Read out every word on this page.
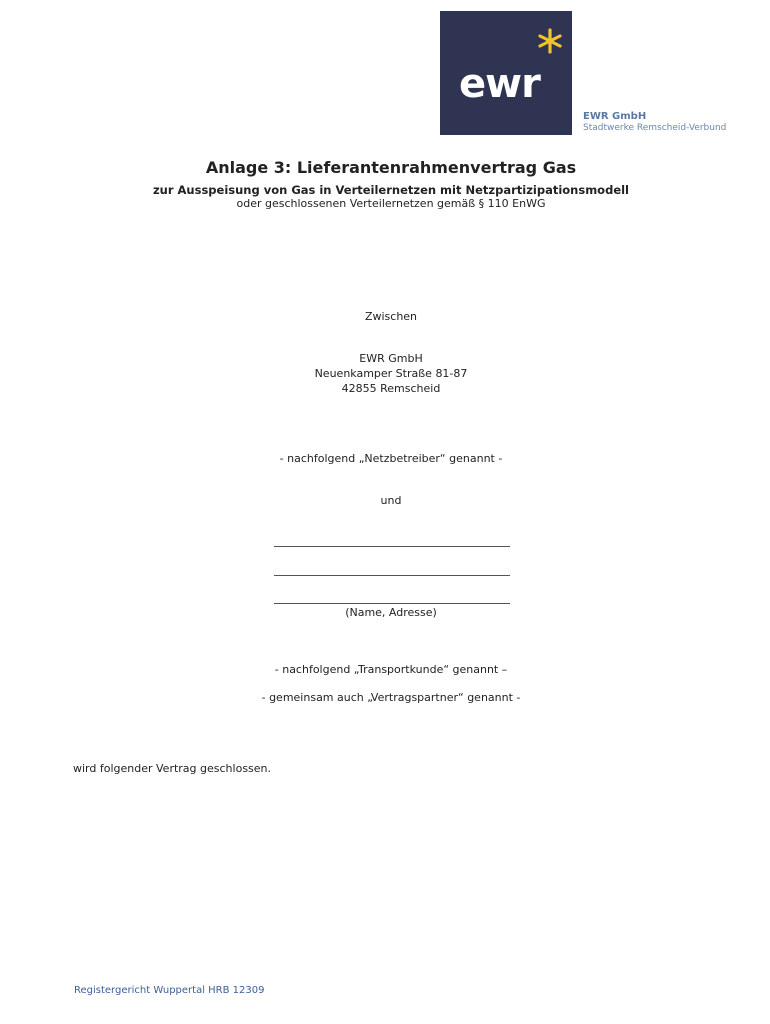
ewr
EWR GmbH
Stadtwerke Remscheid-Verbund
Anlage 3: Lieferantenrahmenvertrag Gas
zur Ausspeisung von Gas in Verteilernetzen mit Netzpartizipationsmodell
oder geschlossenen Verteilernetzen gemäß § 110 EnWG
Zwischen
EWR GmbH
Neuenkamper Straße 81-87
42855 Remscheid
- nachfolgend „Netzbetreiber“ genannt -
und
(Name, Adresse)
- nachfolgend „Transportkunde“ genannt –
- gemeinsam auch „Vertragspartner“ genannt -
wird folgender Vertrag geschlossen.
Registergericht Wuppertal HRB 12309
